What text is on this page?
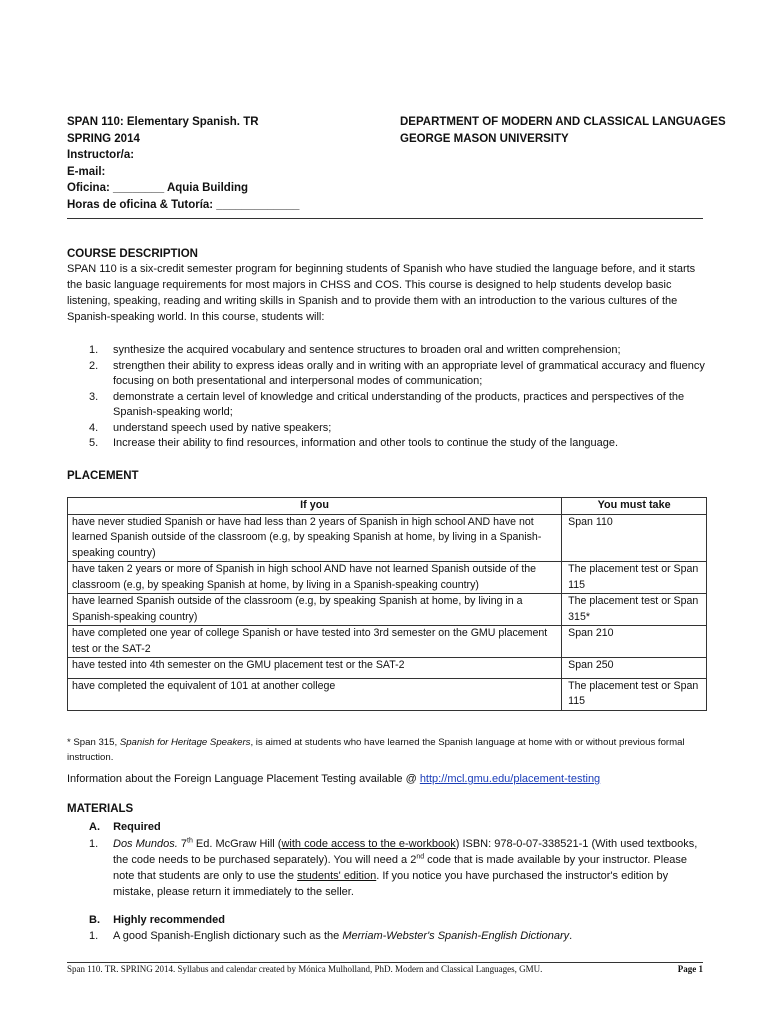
SPAN 110: Elementary Spanish. TR
SPRING 2014
Instructor/a:
E-mail:
Oficina: ________ Aquia Building
Horas de oficina & Tutoría: _____________
DEPARTMENT OF MODERN AND CLASSICAL LANGUAGES
GEORGE MASON UNIVERSITY
COURSE DESCRIPTION
SPAN 110 is a six-credit semester program for beginning students of Spanish who have studied the language before, and it starts the basic language requirements for most majors in CHSS and COS. This course is designed to help students develop basic listening, speaking, reading and writing skills in Spanish and to provide them with an introduction to the various cultures of the Spanish-speaking world. In this course, students will:
1. synthesize the acquired vocabulary and sentence structures to broaden oral and written comprehension;
2. strengthen their ability to express ideas orally and in writing with an appropriate level of grammatical accuracy and fluency focusing on both presentational and interpersonal modes of communication;
3. demonstrate a certain level of knowledge and critical understanding of the products, practices and perspectives of the Spanish-speaking world;
4. understand speech used by native speakers;
5. Increase their ability to find resources, information and other tools to continue the study of the language.
PLACEMENT
If you	You must take
have never studied Spanish or have had less than 2 years of Spanish in high school AND have not learned Spanish outside of the classroom (e.g, by speaking Spanish at home, by living in a Spanish-speaking country)	Span 110
have taken 2 years or more of Spanish in high school AND have not learned Spanish outside of the classroom (e.g, by speaking Spanish at home, by living in a Spanish-speaking country)	The placement test or Span 115
have learned Spanish outside of the classroom (e.g, by speaking Spanish at home, by living in a Spanish-speaking country)	The placement test or Span 315*
have completed one year of college Spanish or have tested into 3rd semester on the GMU placement test or the SAT-2	Span 210
have tested into 4th semester on the GMU placement test or the SAT-2	Span 250
have completed the equivalent of 101 at another college	The placement test or Span 115
* Span 315, Spanish for Heritage Speakers, is aimed at students who have learned the Spanish language at home with or without previous formal instruction.
Information about the Foreign Language Placement Testing available @ http://mcl.gmu.edu/placement-testing
MATERIALS
A. Required
1.	Dos Mundos. 7th Ed. McGraw Hill (with code access to the e-workbook) ISBN: 978-0-07-338521-1 (With used textbooks, the code needs to be purchased separately). You will need a 2nd code that is made available by your instructor. Please note that students are only to use the students' edition. If you notice you have purchased the instructor's edition by mistake, please return it immediately to the seller.
B. Highly recommended
1.	A good Spanish-English dictionary such as the Merriam-Webster's Spanish-English Dictionary.
Span 110. TR. SPRING 2014. Syllabus and calendar created by Mónica Mulholland, PhD. Modern and Classical Languages, GMU.	Page 1
